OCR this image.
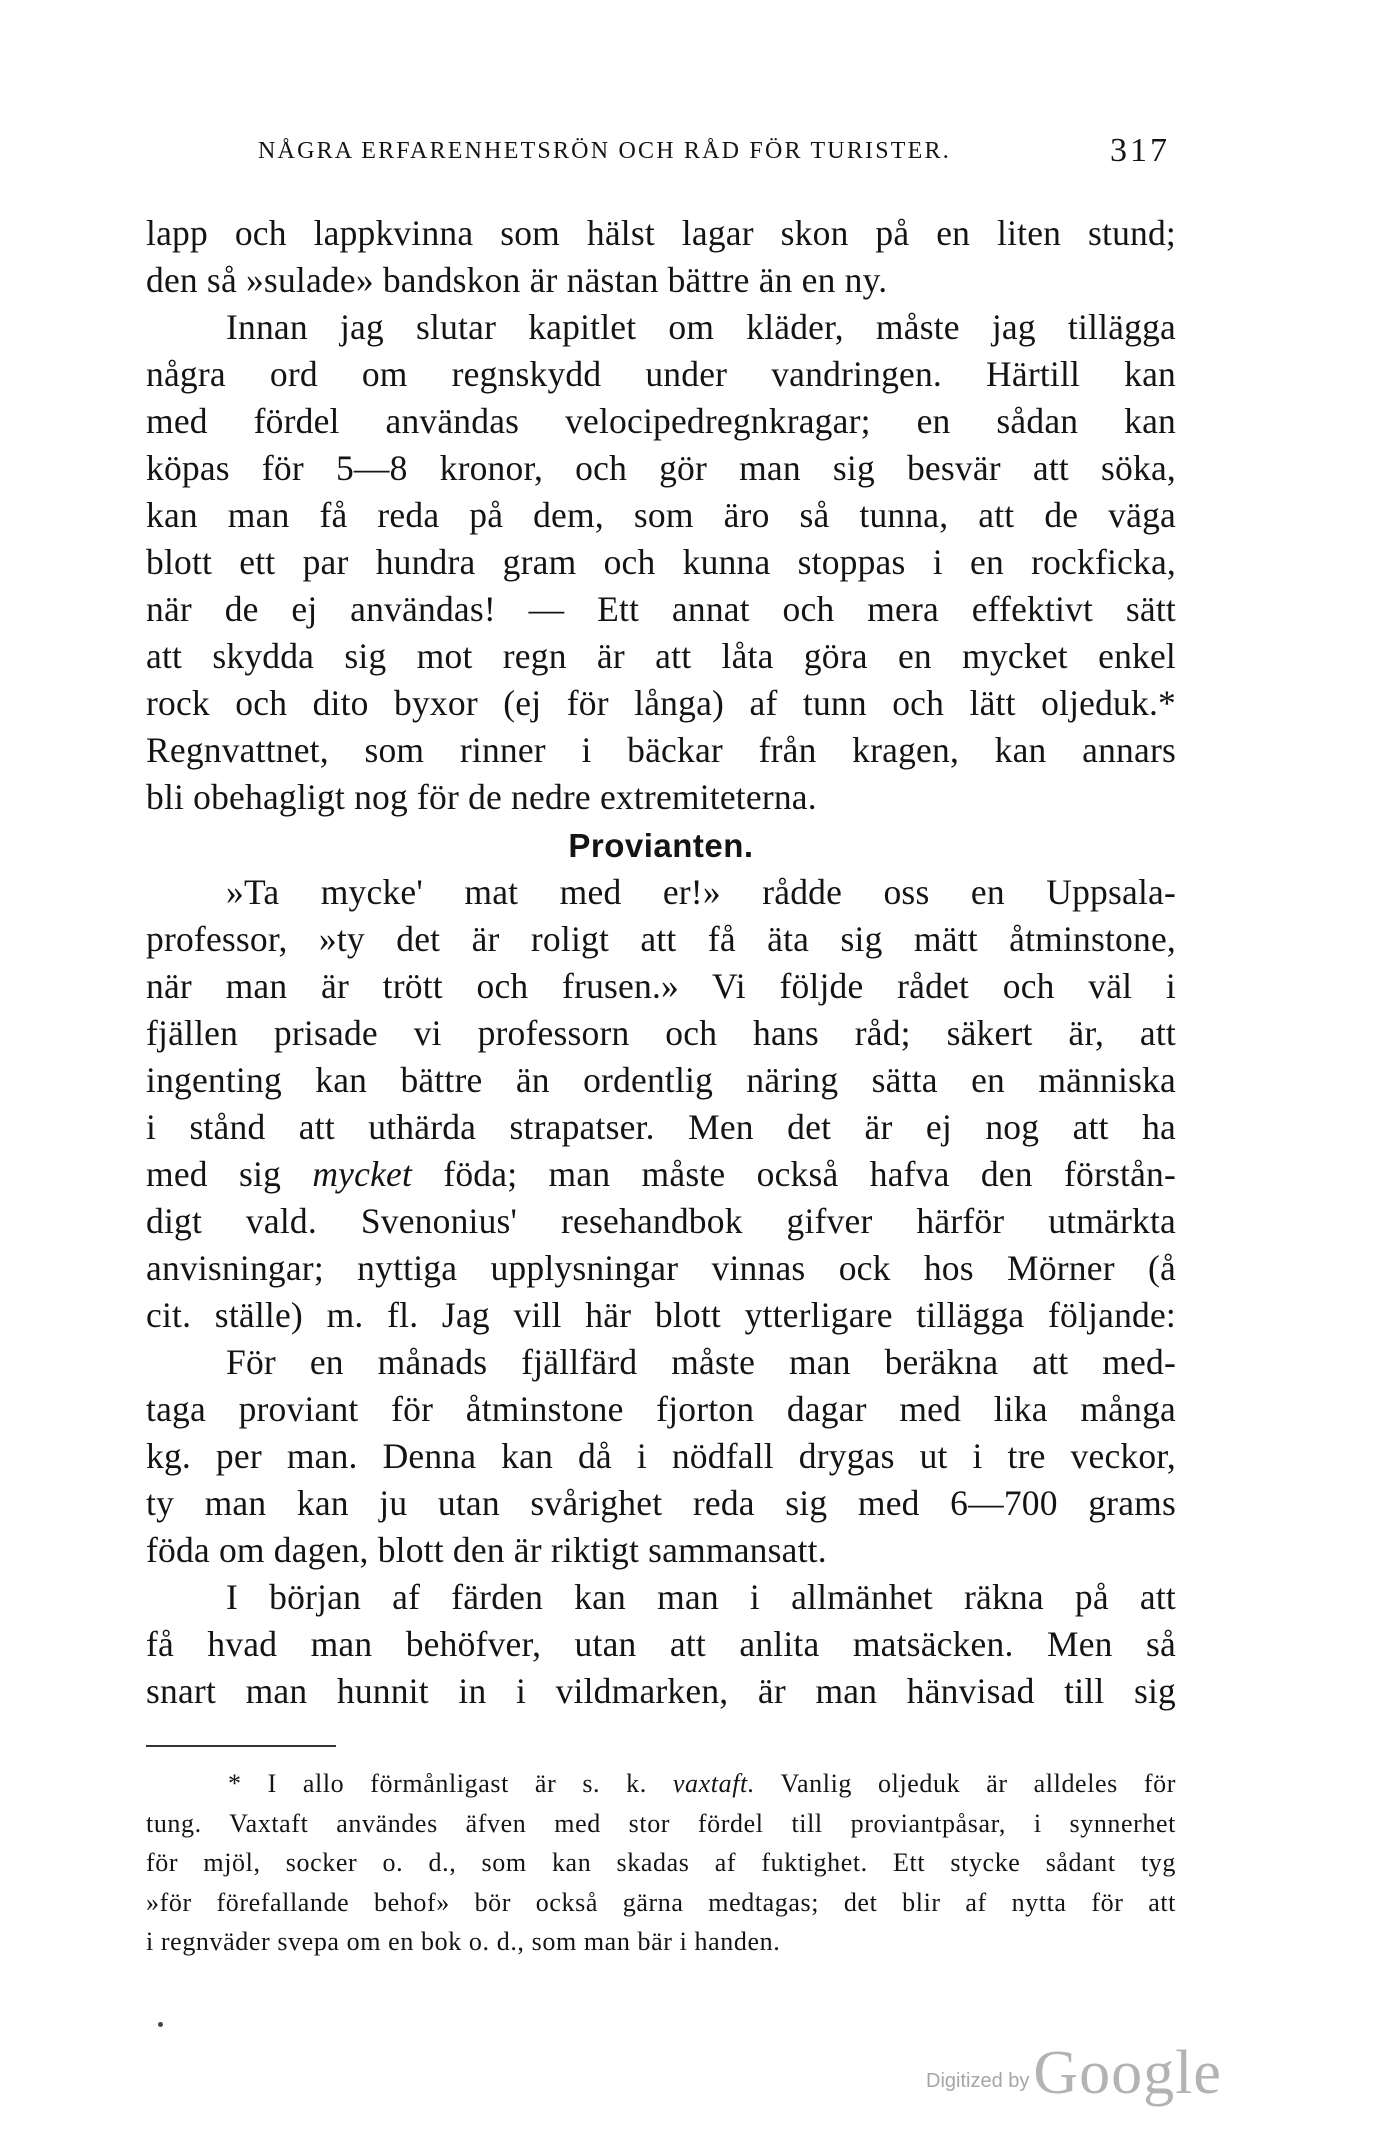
NÅGRA ERFARENHETSRÖN OCH RÅD FÖR TURISTER.	317
lapp och lappkvinna som hälst lagar skon på en liten stund;
den så »sulade» bandskon är nästan bättre än en ny.
Innan jag slutar kapitlet om kläder, måste jag tillägga
några ord om regnskydd under vandringen. Härtill kan
med fördel användas velocipedregnkragar; en sådan kan
köpas för 5—8 kronor, och gör man sig besvär att söka,
kan man få reda på dem, som äro så tunna, att de väga
blott ett par hundra gram och kunna stoppas i en rockficka,
när de ej användas! — Ett annat och mera effektivt sätt
att skydda sig mot regn är att låta göra en mycket enkel
rock och dito byxor (ej för långa) af tunn och lätt oljeduk.*
Regnvattnet, som rinner i bäckar från kragen, kan annars
bli obehagligt nog för de nedre extremiteterna.
Provianten.
»Ta mycke' mat med er!» rådde oss en Uppsala-
professor, »ty det är roligt att få äta sig mätt åtminstone,
när man är trött och frusen.» Vi följde rådet och väl i
fjällen prisade vi professorn och hans råd; säkert är, att
ingenting kan bättre än ordentlig näring sätta en människa
i stånd att uthärda strapatser. Men det är ej nog att ha
med sig mycket föda; man måste också hafva den förstån-
digt vald. Svenonius' resehandbok gifver härför utmärkta
anvisningar; nyttiga upplysningar vinnas ock hos Mörner (å
cit. ställe) m. fl. Jag vill här blott ytterligare tillägga följande:
För en månads fjällfärd måste man beräkna att med-
taga proviant för åtminstone fjorton dagar med lika många
kg. per man. Denna kan då i nödfall drygas ut i tre veckor,
ty man kan ju utan svårighet reda sig med 6—700 grams
föda om dagen, blott den är riktigt sammansatt.
I början af färden kan man i allmänhet räkna på att
få hvad man behöfver, utan att anlita matsäcken. Men så
snart man hunnit in i vildmarken, är man hänvisad till sig
* I allo förmånligast är s. k. vaxtaft. Vanlig oljeduk är alldeles för
tung. Vaxtaft användes äfven med stor fördel till proviantpåsar, i synnerhet
för mjöl, socker o. d., som kan skadas af fuktighet. Ett stycke sådant tyg
»för förefallande behof» bör också gärna medtagas; det blir af nytta för att
i regnväder svepa om en bok o. d., som man bär i handen.
Digitized by Google
